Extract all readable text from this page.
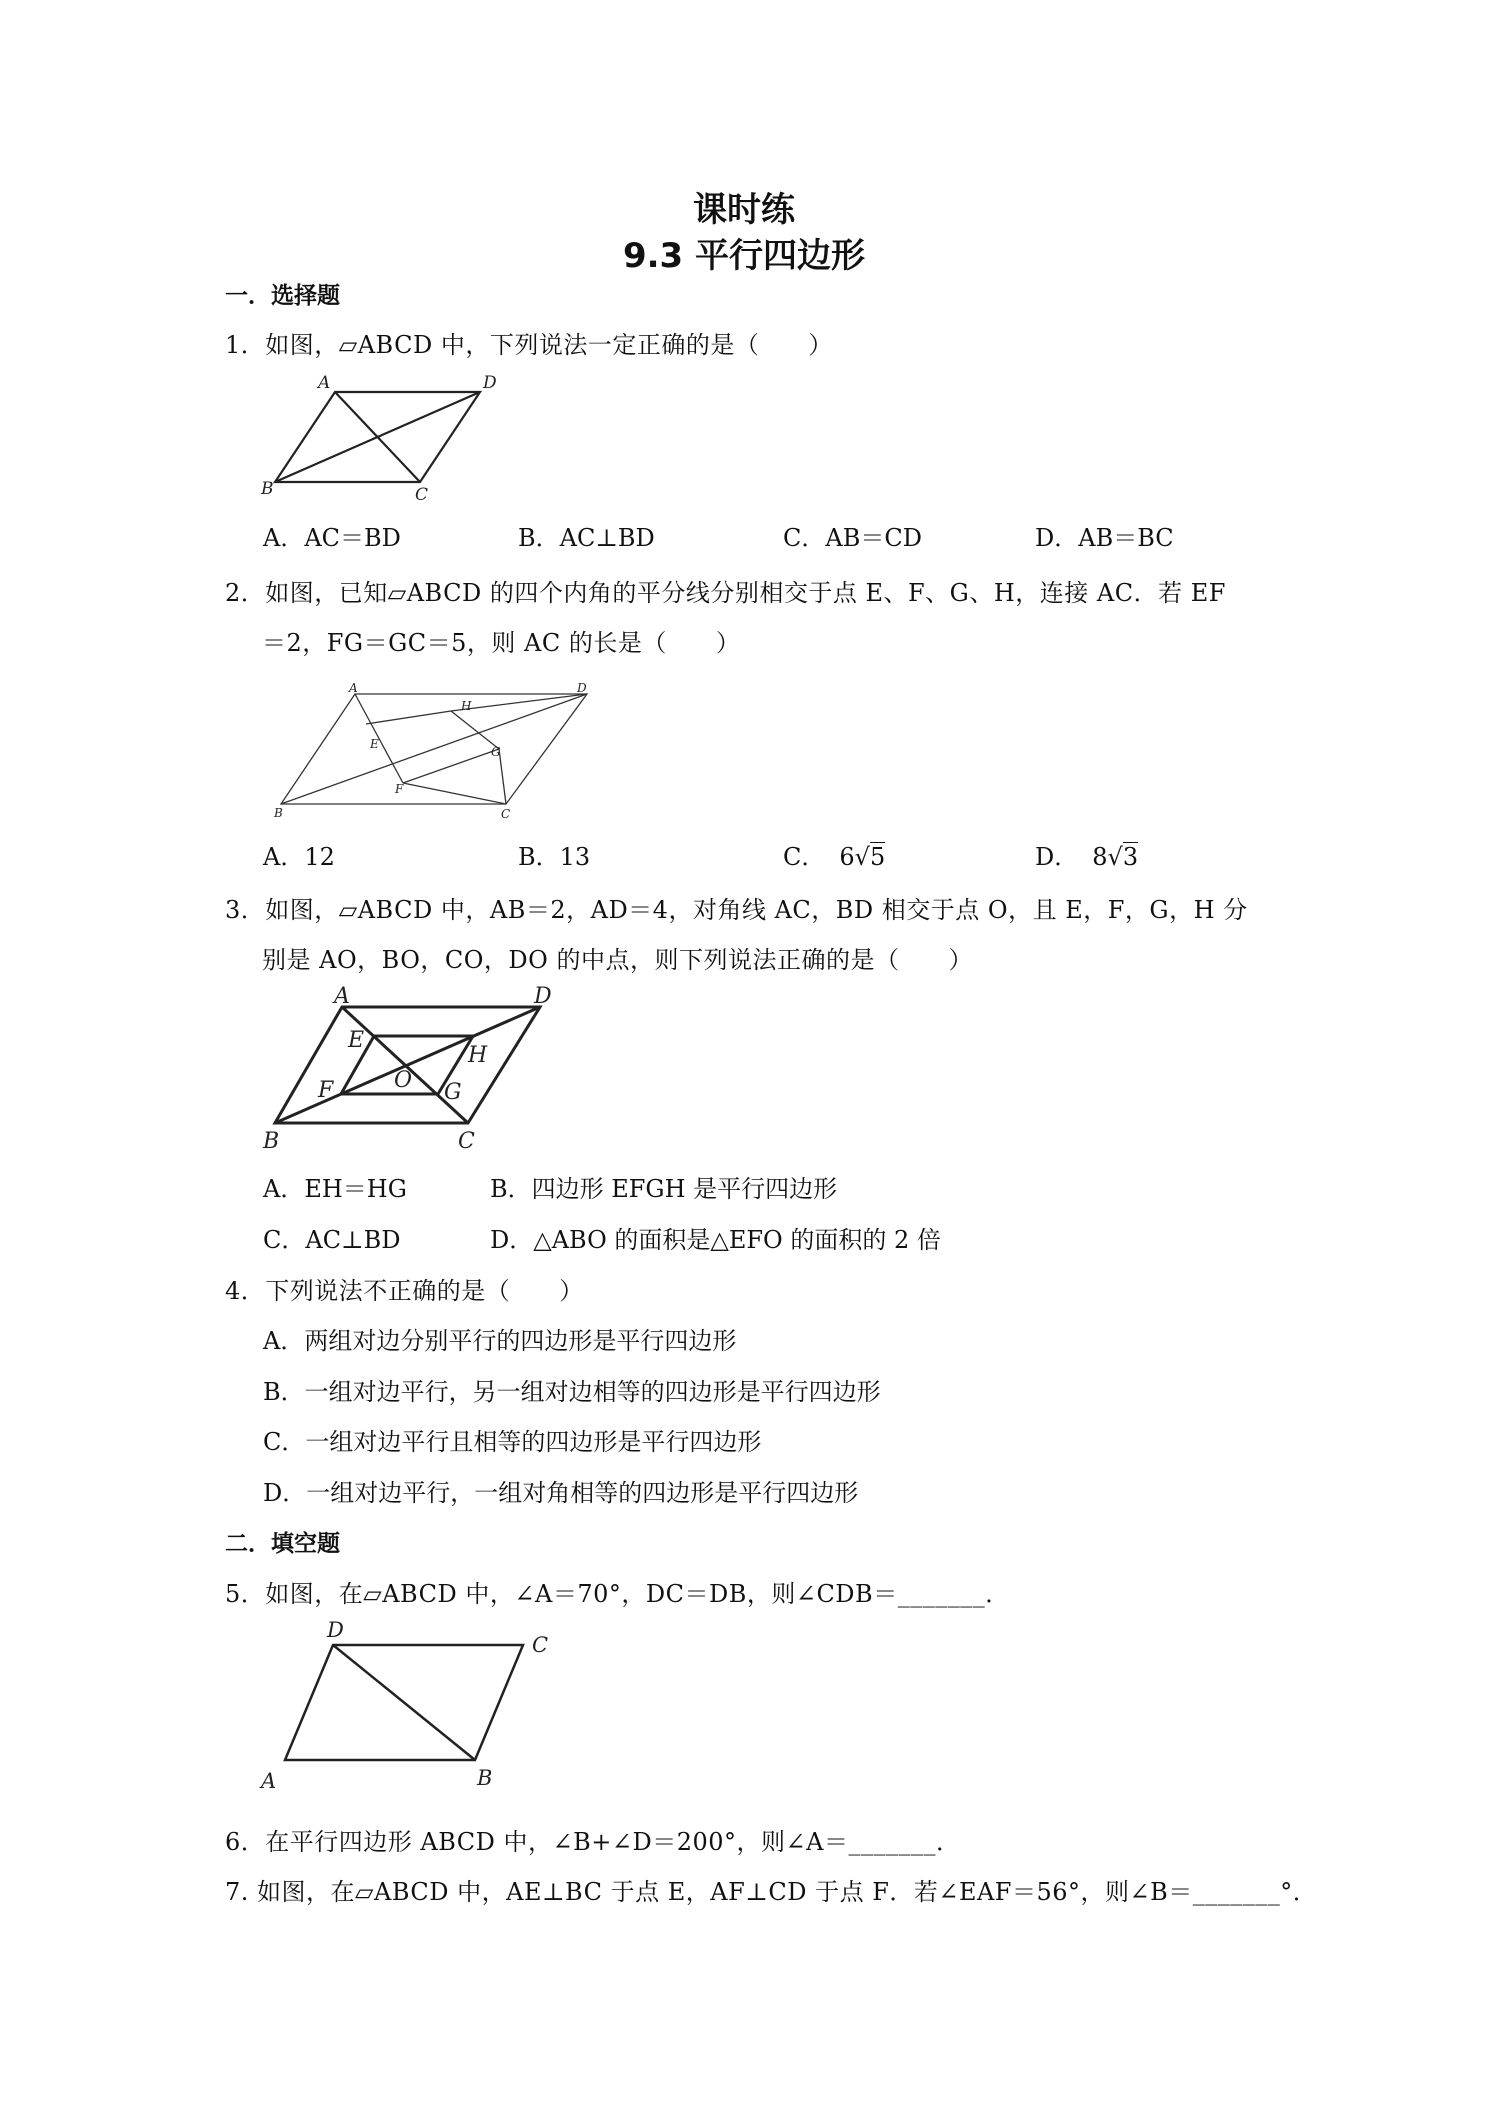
课时练
9.3 平行四边形
一．选择题
1．如图，▱ABCD 中，下列说法一定正确的是（　　）
A	D
B	C
A．AC＝BD	B．AC⊥BD	C．AB＝CD	D．AB＝BC
2．如图，已知▱ABCD 的四个内角的平分线分别相交于点 E、F、G、H，连接 AC．若 EF
＝2，FG＝GC＝5，则 AC 的长是（　　）
A	D
B	C
E
F
G
H
A．12	B．13	C． 6√5	D． 8√3
3．如图，▱ABCD 中，AB＝2，AD＝4，对角线 AC，BD 相交于点 O，且 E，F，G，H 分
别是 AO，BO，CO，DO 的中点，则下列说法正确的是（　　）
A	D
B	C
E
F	G
H
O
A．EH＝HG	B．四边形 EFGH 是平行四边形
C．AC⊥BD	D．△ABO 的面积是△EFO 的面积的 2 倍
4．下列说法不正确的是（　　）
A．两组对边分别平行的四边形是平行四边形
B．一组对边平行，另一组对边相等的四边形是平行四边形
C．一组对边平行且相等的四边形是平行四边形
D．一组对边平行，一组对角相等的四边形是平行四边形
二．填空题
5．如图，在▱ABCD 中，∠A＝70°，DC＝DB，则∠CDB＝_______．
D
C
A	B
6．在平行四边形 ABCD 中，∠B+∠D＝200°，则∠A＝_______．
7. 如图，在▱ABCD 中，AE⊥BC 于点 E，AF⊥CD 于点 F．若∠EAF＝56°，则∠B＝_______°．
